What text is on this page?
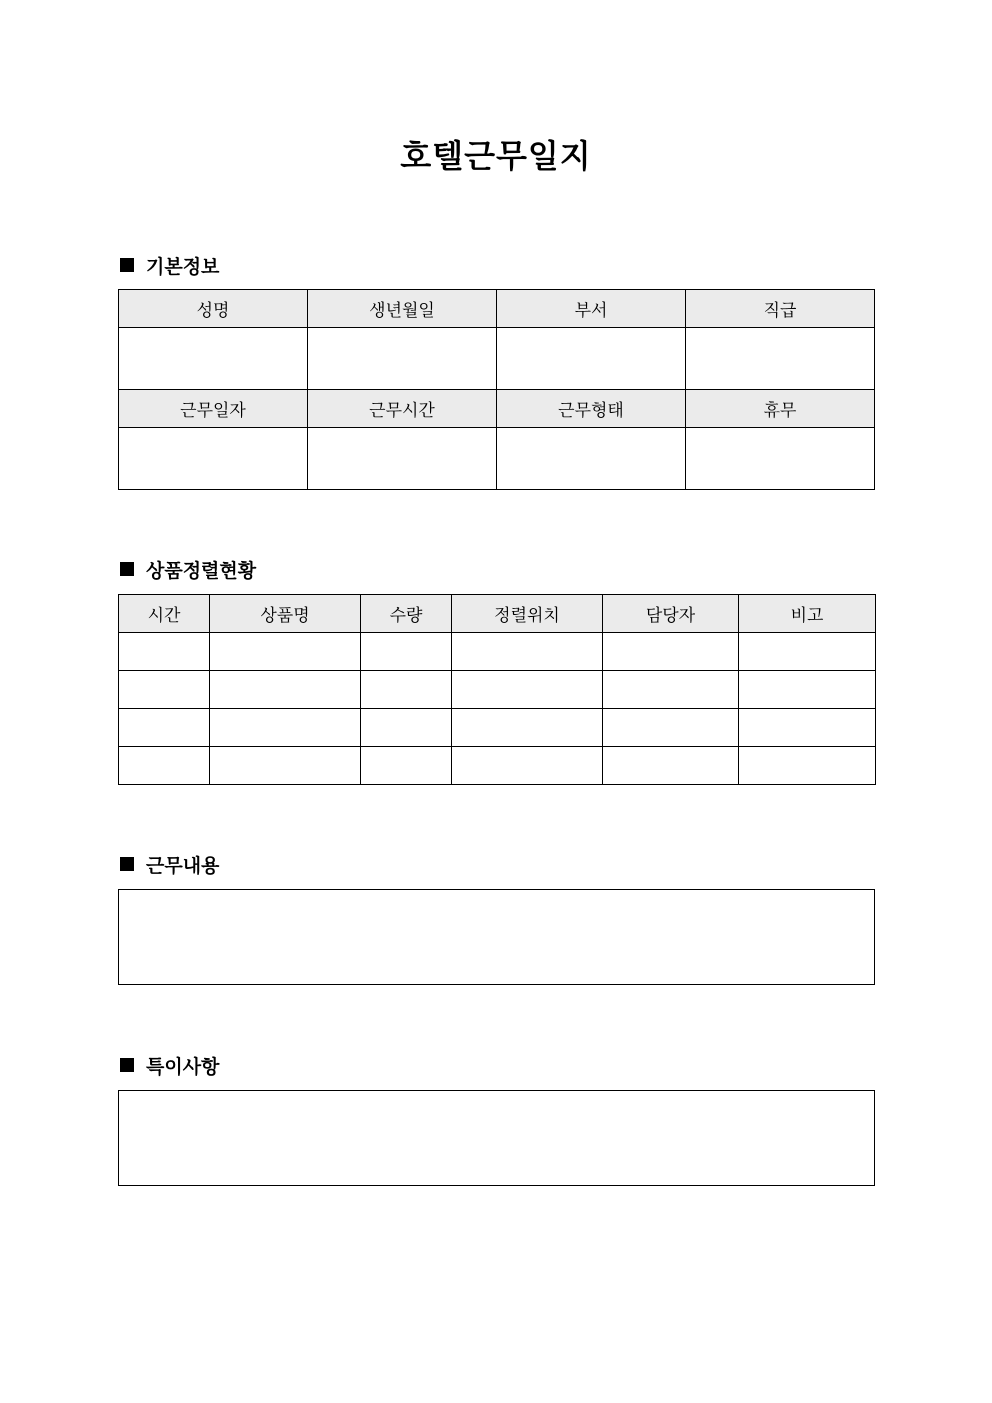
호텔근무일지
기본정보
성명	생년월일	부서	직급

근무일자	근무시간	근무형태	휴무

상품정렬현황
시간	상품명	수량	정렬위치	담당자	비고

근무내용
특이사항
